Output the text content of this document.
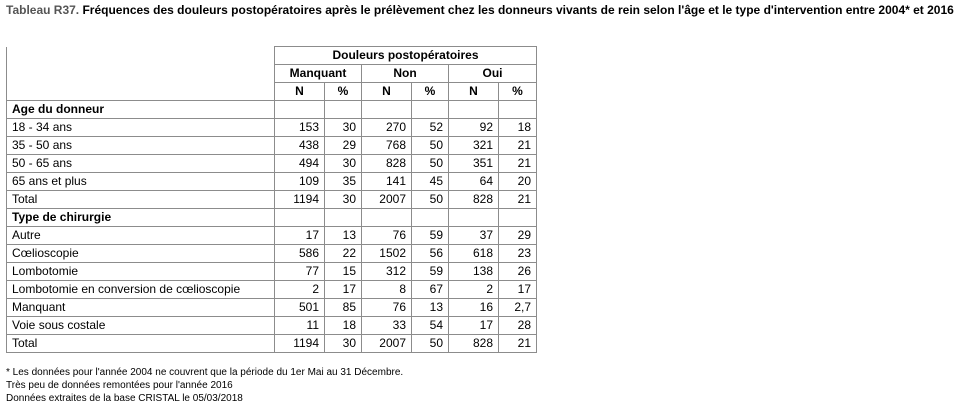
Tableau R37. Fréquences des douleurs postopératoires après le prélèvement chez les donneurs vivants de rein selon l'âge et le type d'intervention entre 2004* et 2016

	Douleurs postopératoires					
	Manquant		Non		Oui	
	N	%	N	%	N	%
Age du donneur						
18 - 34 ans	153	30	270	52	92	18
35 - 50 ans	438	29	768	50	321	21
50 - 65 ans	494	30	828	50	351	21
65 ans et plus	109	35	141	45	64	20
Total	1194	30	2007	50	828	21
Type de chirurgie						
Autre	17	13	76	59	37	29
Cœlioscopie	586	22	1502	56	618	23
Lombotomie	77	15	312	59	138	26
Lombotomie en conversion de cœlioscopie	2	17	8	67	2	17
Manquant	501	85	76	13	16	2,7
Voie sous costale	11	18	33	54	17	28
Total	1194	30	2007	50	828	21
* Les données pour l'année 2004 ne couvrent que la période du 1er Mai au 31 Décembre.
Très peu de données remontées pour l'année 2016
Données extraites de la base CRISTAL le 05/03/2018
